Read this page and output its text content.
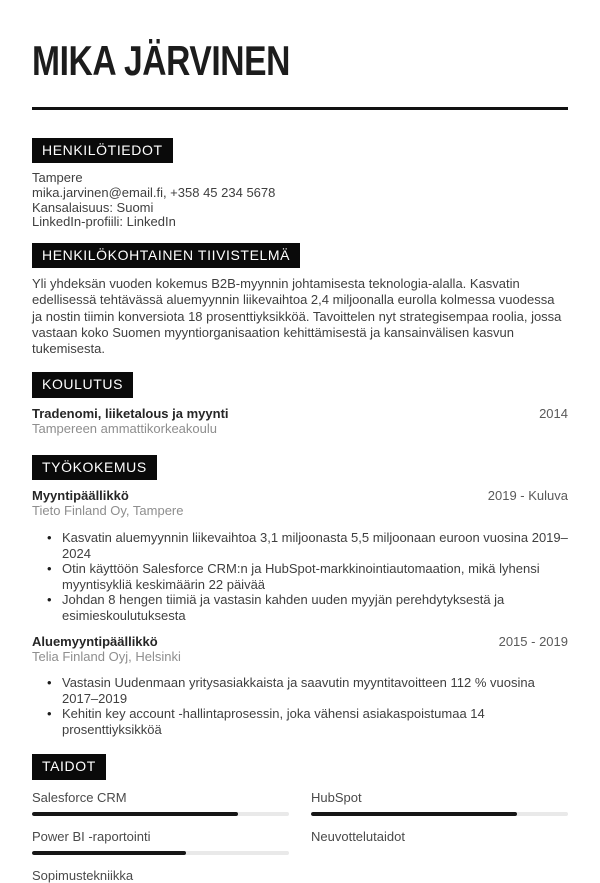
MIKA JÄRVINEN
HENKILÖTIEDOT
Tampere
mika.jarvinen@email.fi, +358 45 234 5678
Kansalaisuus: Suomi
LinkedIn-profiili: LinkedIn
HENKILÖKOHTAINEN TIIVISTELMÄ

Yli yhdeksän vuoden kokemus B2B-myynnin johtamisesta teknologia-alalla. Kasvatin edellisessä tehtävässä aluemyynnin liikevaihtoa 2,4 miljoonalla eurolla kolmessa vuodessa ja nostin tiimin konversiota 18 prosenttiyksikköä. Tavoittelen nyt strategisempaa roolia, jossa vastaan koko Suomen myyntiorganisaation kehittämisestä ja kansainvälisen kasvun tukemisesta.

KOULUTUS
Tradenomi, liiketalous ja myynti	2014
Tampereen ammattikorkeakoulu
TYÖKOKEMUS
Myyntipäällikkö	2019 - Kuluva
Tieto Finland Oy, Tampere
• Kasvatin aluemyynnin liikevaihtoa 3,1 miljoonasta 5,5 miljoonaan euroon vuosina 2019–2024
• Otin käyttöön Salesforce CRM:n ja HubSpot-markkinointiautomaation, mikä lyhensi myyntisykliä keskimäärin 22 päivää
• Johdan 8 hengen tiimiä ja vastasin kahden uuden myyjän perehdytyksestä ja esimieskoulutuksesta
Aluemyyntipäällikkö	2015 - 2019
Telia Finland Oyj, Helsinki
• Vastasin Uudenmaan yritysasiakkaista ja saavutin myyntitavoitteen 112 % vuosina 2017–2019
• Kehitin key account -hallintaprosessin, joka vähensi asiakaspoistumaa 14 prosenttiyksikköä
TAIDOT
Salesforce CRM	HubSpot
Power BI -raportointi	Neuvottelutaidot
Sopimustekniikka
